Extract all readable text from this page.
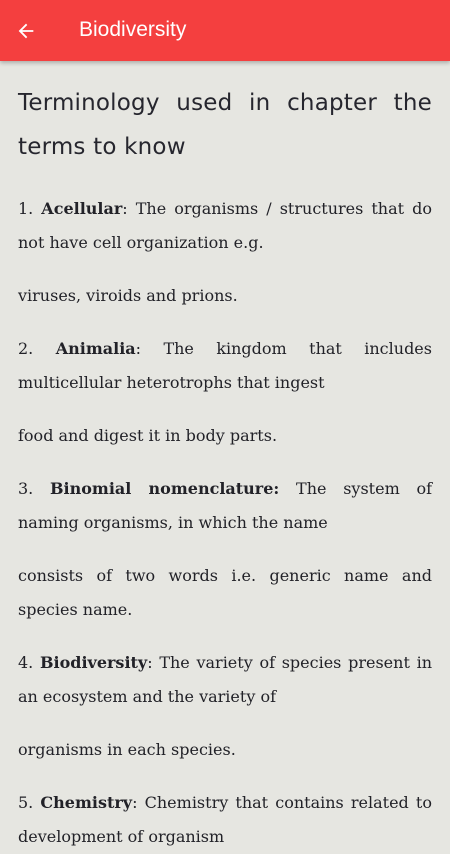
Biodiversity
Terminology used in chapter the terms to know

1. Acellular: The organisms / structures that do not have cell organization e.g.

viruses, viroids and prions.

2. Animalia: The kingdom that includes multicellular heterotrophs that ingest

food and digest it in body parts.

3. Binomial nomenclature: The system of naming organisms, in which the name

consists of two words i.e. generic name and species name.

4. Biodiversity: The variety of species present in an ecosystem and the variety of

organisms in each species.

5. Chemistry: Chemistry that contains related to development of organism
